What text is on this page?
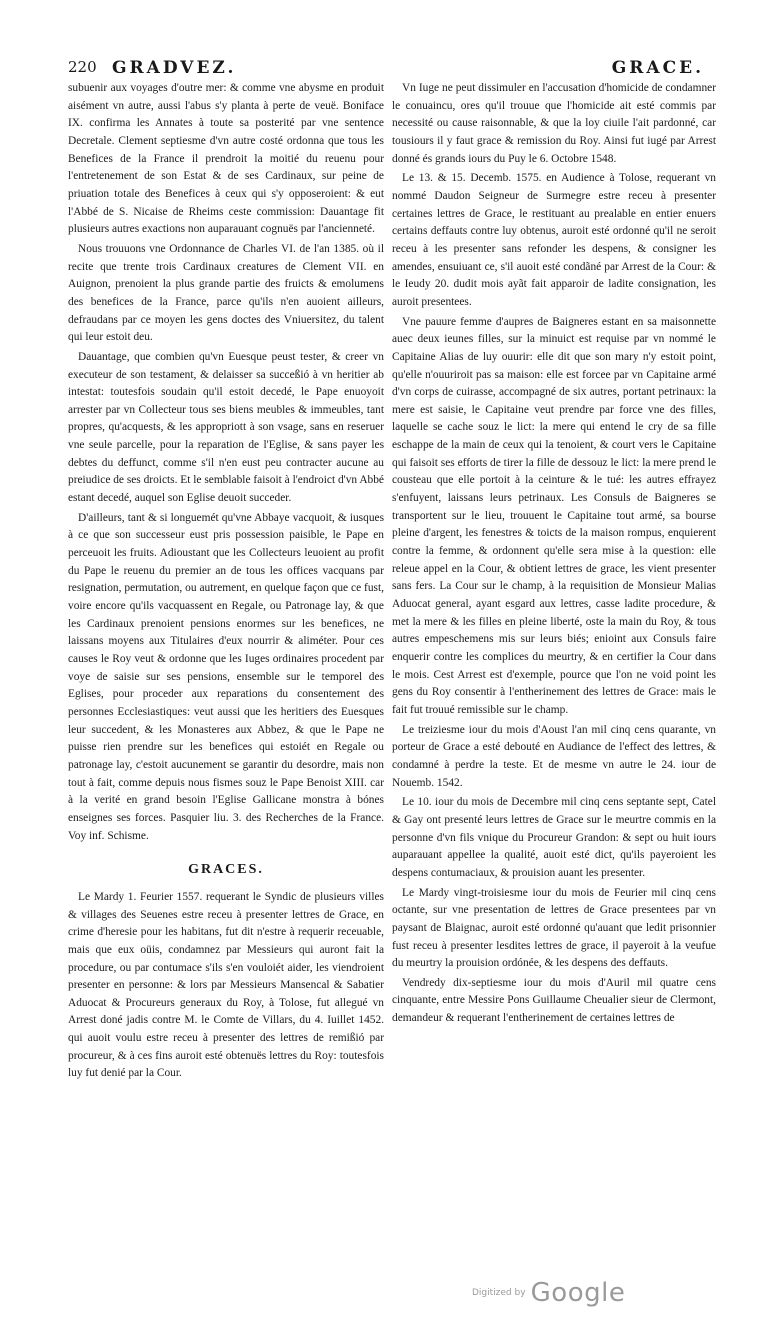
220 GRADVEZ.	GRACE.

subuenir aux voyages d'outre mer: & comme vne abysme en produit aisément vn autre, aussi l'abus s'y planta à perte de veuë. Boniface IX. confirma les Annates à toute sa posterité par vne sentence Decretale. Clement septiesme d'vn autre costé ordonna que tous les Benefices de la France il prendroit la moitié du reuenu pour l'entretenement de son Estat & de ses Cardinaux, sur peine de priuation totale des Benefices à ceux qui s'y opposeroient: & eut l'Abbé de S. Nicaise de Rheims ceste commission: Dauantage fit plusieurs autres exactions non auparauant cognuës par l'ancienneté.

Nous trouuons vne Ordonnance de Charles VI. de l'an 1385. où il recite que trente trois Cardinaux creatures de Clement VII. en Auignon, prenoient la plus grande partie des fruicts & emolumens des benefices de la France, parce qu'ils n'en auoient ailleurs, defraudans par ce moyen les gens doctes des Vniuersitez, du talent qui leur estoit deu.

Dauantage, que combien qu'vn Euesque peust tester, & creer vn executeur de son testament, & delaisser sa succeßió à vn heritier ab intestat: toutesfois soudain qu'il estoit decedé, le Pape enuoyoit arrester par vn Collecteur tous ses biens meubles & immeubles, tant propres, qu'acquests, & les appropriott à son vsage, sans en reseruer vne seule parcelle, pour la reparation de l'Eglise, & sans payer les debtes du deffunct, comme s'il n'en eust peu contracter aucune au preiudice de ses droicts. Et le semblable faisoit à l'endroict d'vn Abbé estant decedé, auquel son Eglise deuoit succeder.

D'ailleurs, tant & si longuemét qu'vne Abbaye vacquoit, & iusques à ce que son successeur eust pris possession paisible, le Pape en perceuoit les fruits. Adioustant que les Collecteurs leuoient au profit du Pape le reuenu du premier an de tous les offices vacquans par resignation, permutation, ou autrement, en quelque façon que ce fust, voire encore qu'ils vacquassent en Regale, ou Patronage lay, & que les Cardinaux prenoient pensions enormes sur les benefices, ne laissans moyens aux Titulaires d'eux nourrir & aliméter. Pour ces causes le Roy veut & ordonne que les Iuges ordinaires procedent par voye de saisie sur ses pensions, ensemble sur le temporel des Eglises, pour proceder aux reparations du consentement des personnes Ecclesiastiques: veut aussi que les heritiers des Euesques leur succedent, & les Monasteres aux Abbez, & que le Pape ne puisse rien prendre sur les benefices qui estoiét en Regale ou patronage lay, c'estoit aucunement se garantir du desordre, mais non tout à fait, comme depuis nous fismes souz le Pape Benoist XIII. car à la verité en grand besoin l'Eglise Gallicane monstra à bónes enseignes ses forces. Pasquier liu. 3. des Recherches de la France. Voy inf. Schisme.

GRACES.

Le Mardy 1. Feurier 1557. requerant le Syndic de plusieurs villes & villages des Seuenes estre receu à presenter lettres de Grace, en crime d'heresie pour les habitans, fut dit n'estre à requerir receuable, mais que eux oüis, condamnez par Messieurs qui auront fait la procedure, ou par contumace s'ils s'en vouloiét aider, les viendroient presenter en personne: & lors par Messieurs Mansencal & Sabatier Aduocat & Procureurs generaux du Roy, à Tolose, fut allegué vn Arrest doné jadis contre M. le Comte de Villars, du 4. Iuillet 1452. qui auoit voulu estre receu à presenter des lettres de remißió par procureur, & à ces fins auroit esté obtenuës lettres du Roy: toutesfois luy fut denié par la Cour.

Vn Iuge ne peut dissimuler en l'accusation d'homicide de condamner le conuaincu, ores qu'il trouue que l'homicide ait esté commis par necessité ou cause raisonnable, & que la loy ciuile l'ait pardonné, car tousiours il y faut grace & remission du Roy. Ainsi fut iugé par Arrest donné és grands iours du Puy le 6. Octobre 1548.

Le 13. & 15. Decemb. 1575. en Audience à Tolose, requerant vn nommé Daudon Seigneur de Surmegre estre receu à presenter certaines lettres de Grace, le restituant au prealable en entier enuers certains deffauts contre luy obtenus, auroit esté ordonné qu'il ne seroit receu à les presenter sans refonder les despens, & consigner les amendes, ensuiuant ce, s'il auoit esté condãné par Arrest de la Cour: & le Ieudy 20. dudit mois ayãt fait apparoir de ladite consignation, les auroit presentees.

Vne pauure femme d'aupres de Baigneres estant en sa maisonnette auec deux ieunes filles, sur la minuict est requise par vn nommé le Capitaine Alias de luy ouurir: elle dit que son mary n'y estoit point, qu'elle n'ouuriroit pas sa maison: elle est forcee par vn Capitaine armé d'vn corps de cuirasse, accompagné de six autres, portant petrinaux: la mere est saisie, le Capitaine veut prendre par force vne des filles, laquelle se cache souz le lict: la mere qui entend le cry de sa fille eschappe de la main de ceux qui la tenoient, & court vers le Capitaine qui faisoit ses efforts de tirer la fille de dessouz le lict: la mere prend le cousteau que elle portoit à la ceinture & le tué: les autres effrayez s'enfuyent, laissans leurs petrinaux. Les Consuls de Baigneres se transportent sur le lieu, trouuent le Capitaine tout armé, sa bourse pleine d'argent, les fenestres & toicts de la maison rompus, enquierent contre la femme, & ordonnent qu'elle sera mise à la question: elle releue appel en la Cour, & obtient lettres de grace, les vient presenter sans fers. La Cour sur le champ, à la requisition de Monsieur Malias Aduocat general, ayant esgard aux lettres, casse ladite procedure, & met la mere & les filles en pleine liberté, oste la main du Roy, & tous autres empeschemens mis sur leurs biés; enioint aux Consuls faire enquerir contre les complices du meurtry, & en certifier la Cour dans le mois. Cest Arrest est d'exemple, pource que l'on ne void point les gens du Roy consentir à l'entherinement des lettres de Grace: mais le fait fut trouué remissible sur le champ.

Le treiziesme iour du mois d'Aoust l'an mil cinq cens quarante, vn porteur de Grace a esté debouté en Audiance de l'effect des lettres, & condamné à perdre la teste. Et de mesme vn autre le 24. iour de Nouemb. 1542.

Le 10. iour du mois de Decembre mil cinq cens septante sept, Catel & Gay ont presenté leurs lettres de Grace sur le meurtre commis en la personne d'vn fils vnique du Procureur Grandon: & sept ou huit iours auparauant appellee la qualité, auoit esté dict, qu'ils payeroient les despens contumaciaux, & prouision auant les presenter.

Le Mardy vingt-troisiesme iour du mois de Feurier mil cinq cens octante, sur vne presentation de lettres de Grace presentees par vn paysant de Blaignac, auroit esté ordonné qu'auant que ledit prisonnier fust receu à presenter lesdites lettres de grace, il payeroit à la veufue du meurtry la prouision ordónée, & les despens des deffauts.

Vendredy dix-septiesme iour du mois d'Auril mil quatre cens cinquante, entre Messire Pons Guillaume Cheualier sieur de Clermont, demandeur & requerant l'entherinement de certaines lettres de

Digitized by Google
